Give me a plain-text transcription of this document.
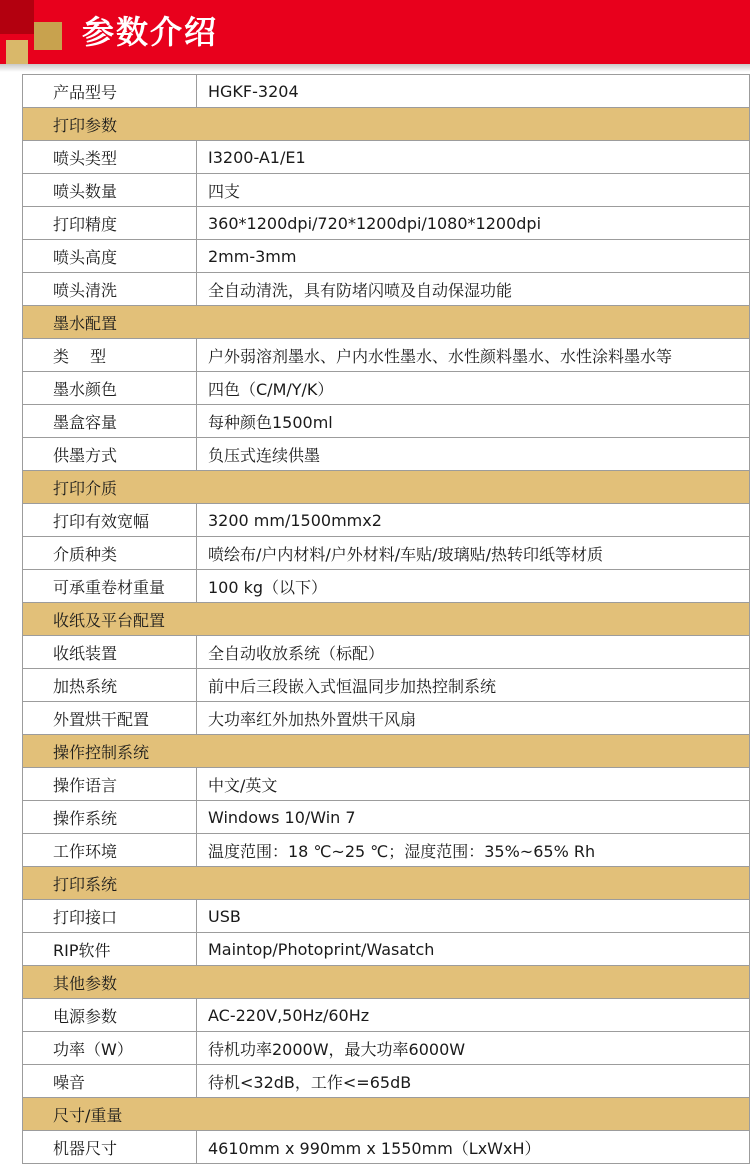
参数介绍
产品型号	HGKF-3204
打印参数	
喷头类型	I3200-A1/E1
喷头数量	四支
打印精度	360*1200dpi/720*1200dpi/1080*1200dpi
喷头高度	2mm-3mm
喷头清洗	全自动清洗，具有防堵闪喷及自动保湿功能
墨水配置	
类　 型	户外弱溶剂墨水、户内水性墨水、水性颜料墨水、水性涂料墨水等
墨水颜色	四色（C/M/Y/K）
墨盒容量	每种颜色1500ml
供墨方式	负压式连续供墨
打印介质	
打印有效宽幅	3200 mm/1500mmx2
介质种类	喷绘布/户内材料/户外材料/车贴/玻璃贴/热转印纸等材质
可承重卷材重量	100 kg（以下）
收纸及平台配置	
收纸装置	全自动收放系统（标配）
加热系统	前中后三段嵌入式恒温同步加热控制系统
外置烘干配置	大功率红外加热外置烘干风扇
操作控制系统	
操作语言	中文/英文
操作系统	Windows 10/Win 7
工作环境	温度范围：18 ℃~25 ℃；湿度范围：35%~65% Rh
打印系统	
打印接口	USB
RIP软件	Maintop/Photoprint/Wasatch
其他参数	
电源参数	AC-220V,50Hz/60Hz
功率（W）	待机功率2000W，最大功率6000W
噪音	待机<32dB，工作<=65dB
尺寸/重量	
机器尺寸	4610mm x 990mm x 1550mm（LxWxH）
